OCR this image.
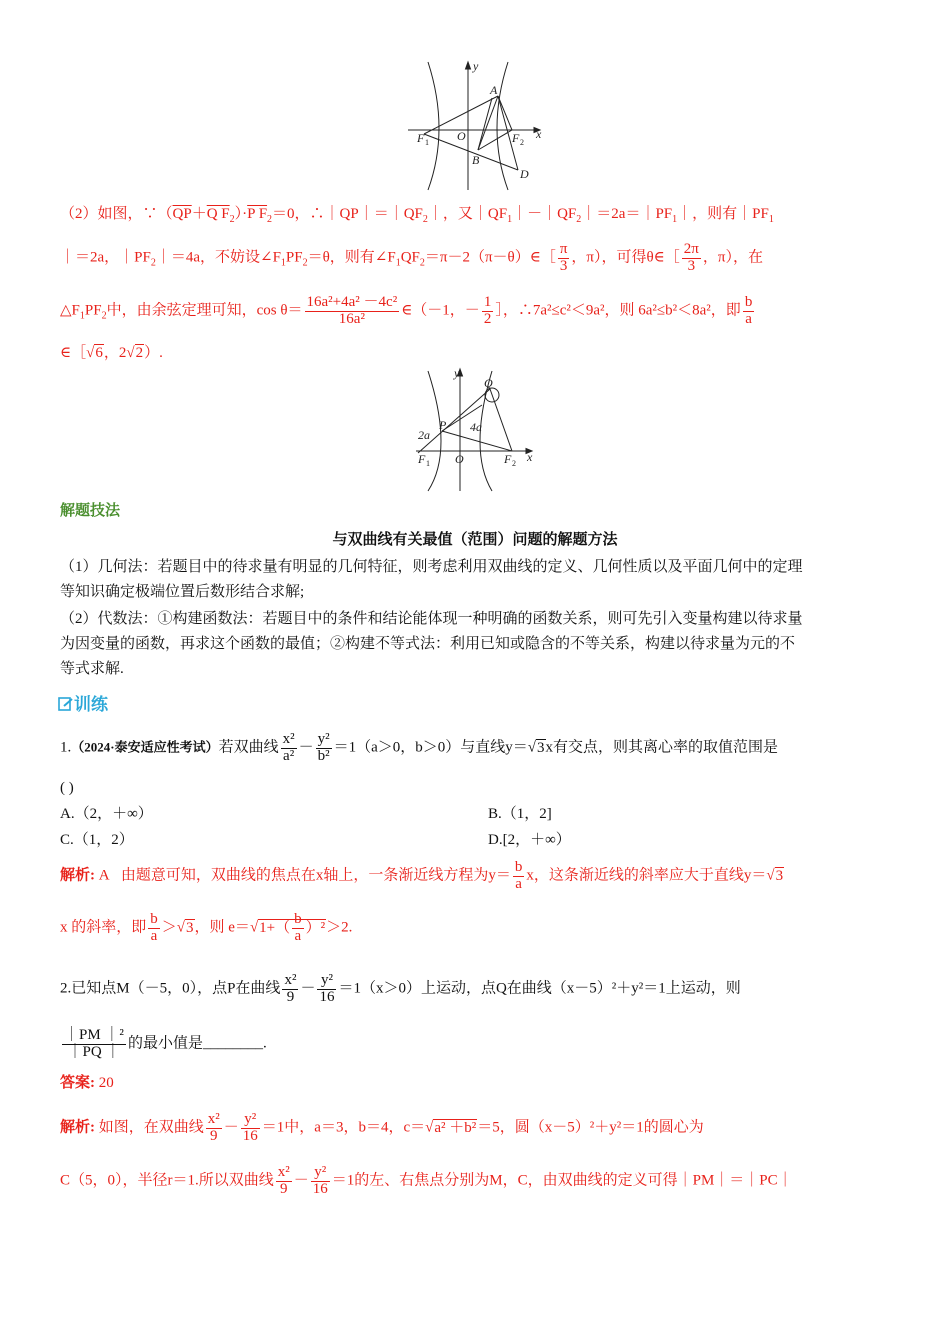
y
x
A
O
F 1	F 2
B
D
（2）如图，$\because(\overline{QP}+Q$ $F_2)\cdot P$ $F_2=0$，$\therefore|QP|=|QF_2|$，又$|QF_1|-|QF_2|=2a=|PF_1|$，则有$|PF_1$
｜＝2a，$|PF_2|=4a$，不妨设$\angle F_1PF_2=\theta$，则有$\angle F_1QF_2=\pi-2(\pi-\theta)\in[ \frac{\pi}{3}$ ，π），可得θ∈［ $\frac{2\pi}{3}$ ，π），在
$\triangle F_1PF_2$中，由余弦定理可知，$\cos \theta= \frac{\text{16a²+4a² －4c²}}{\text{16a²}}$ ∈（－1，－ $\frac{1}{2}$ ］，∴7a²≤c²＜9a²，则 6a²≤b²＜8a²，即 $\frac{b}{a}$
∈［√6，2√2）.
y
Q
P 4a
2a
F 1 O	F 2 x
解题技法
与双曲线有关最值（范围）问题的解题方法
（1）几何法：若题目中的待求量有明显的几何特征，则考虑利用双曲线的定义、几何性质以及平面几何中的定理
等知识确定极端位置后数形结合求解;
（2）代数法：①构建函数法：若题目中的条件和结论能体现一种明确的函数关系，则可先引入变量构建以待求量
为因变量的函数，再求这个函数的最值；②构建不等式法：利用已知或隐含的不等关系，构建以待求量为元的不
等式求解.
训练
1.（2024·泰安适应性考试）若双曲线 $\frac{\text{x²}}{\text{a²}} - \frac{\text{y²}}{\text{b²}} =1(a>0$，b＞0）与直线y＝√3x有交点，则其离心率的取值范围是
( )
A.（2，＋∞）	B.（1，2]
C.（1，2）	D.[2，＋∞）
解析: A 由题意可知，双曲线的焦点在x轴上，一条渐近线方程为$y= \frac{b}{a}$ x，这条渐近线的斜率应大于直线y＝√3
x 的斜率，即 $\frac{b}{a} >√3$，则 $e=√1+( \frac{b}{a} )^2>2$.
2.已知点M（－5，0），点P在曲线 $\frac{\text{x²}}{9} - \frac{\text{y²}}{16} =1(x>0)$上运动，点Q在曲线（x－5）²＋y²＝1上运动，则
$\frac{\text{｜PM ｜²}}{|PQ |}$ 的最小值是________.
答案: 20
解析: 如图，在双曲线 $\frac{\text{x²}}{9} - \frac{\text{y²}}{16} =1$中，a＝3，b＝4，c＝√a² ＋b²＝5，圆（x－5）²＋y²＝1的圆心为
C（5，0），半径r＝1.所以双曲线 $\frac{\text{x²}}{9} - \frac{\text{y²}}{16} =1$的左、右焦点分别为M，C，由双曲线的定义可得｜PM｜＝｜PC｜
